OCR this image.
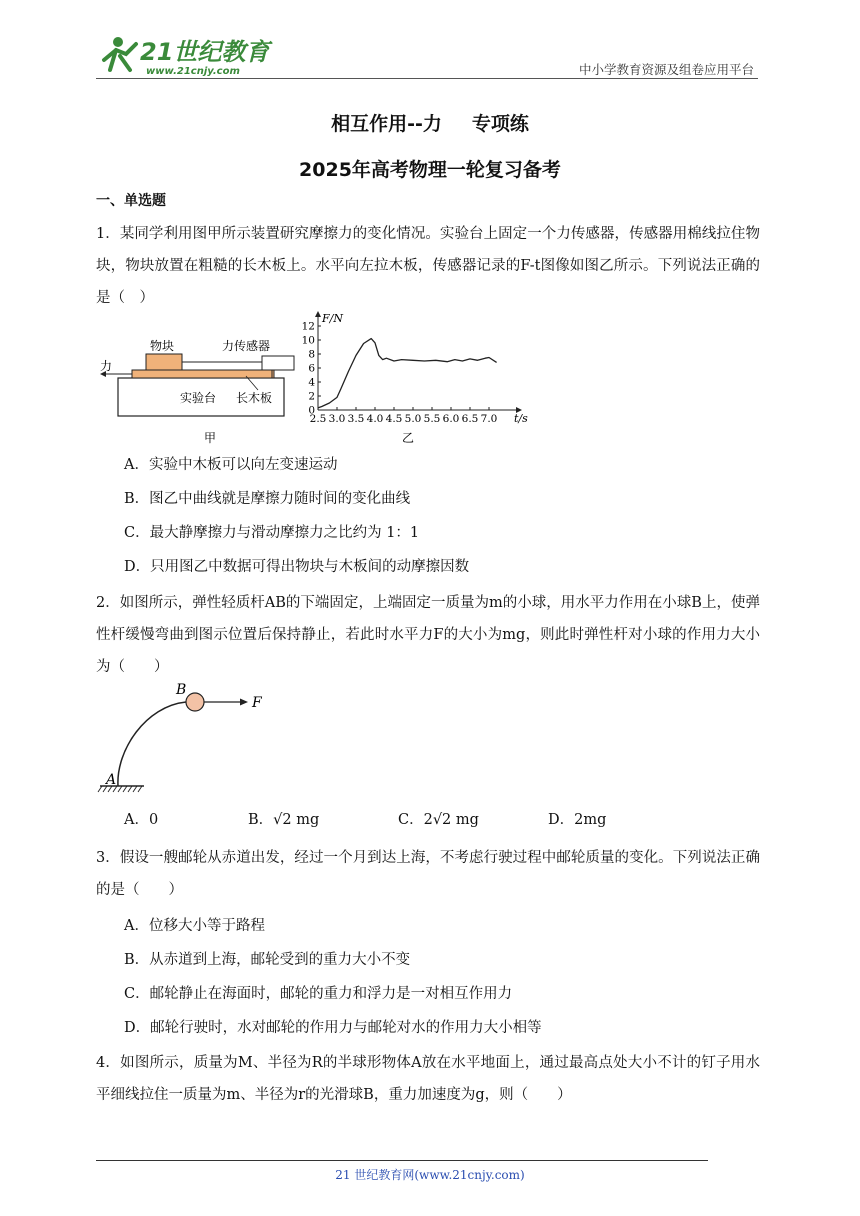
21世纪教育
www.21cnjy.com	中小学教育资源及组卷应用平台
相互作用--力 专项练
2025年高考物理一轮复习备考
一、单选题
1．某同学利用图甲所示装置研究摩擦力的变化情况。实验台上固定一个力传感器，传感器用棉线拉住物块，物块放置在粗糙的长木板上。水平向左拉木板，传感器记录的F-t图像如图乙所示。下列说法正确的是（　）
物块	力传感器
力
实验台 长木板
甲
0
2
4
6
8
10
12
2.5 3.0 3.5 4.0 4.5 5.0 5.5 6.0 6.5 7.0
F/N
t/s
乙
A．实验中木板可以向左变速运动
B．图乙中曲线就是摩擦力随时间的变化曲线
C．最大静摩擦力与滑动摩擦力之比约为 1：1
D．只用图乙中数据可得出物块与木板间的动摩擦因数
2．如图所示，弹性轻质杆AB的下端固定，上端固定一质量为m的小球，用水平力作用在小球B上，使弹性杆缓慢弯曲到图示位置后保持静止，若此时水平力F的大小为mg，则此时弹性杆对小球的作用力大小为（　　）
B
F
A
A．0	B．√2 mg	C．2√2 mg	D．2mg
3．假设一艘邮轮从赤道出发，经过一个月到达上海，不考虑行驶过程中邮轮质量的变化。下列说法正确的是（　　）
A．位移大小等于路程
B．从赤道到上海，邮轮受到的重力大小不变
C．邮轮静止在海面时，邮轮的重力和浮力是一对相互作用力
D．邮轮行驶时，水对邮轮的作用力与邮轮对水的作用力大小相等
4．如图所示，质量为M、半径为R的半球形物体A放在水平地面上，通过最高点处大小不计的钉子用水平细线拉住一质量为m、半径为r的光滑球B，重力加速度为g，则（　　）
21 世纪教育网(www.21cnjy.com)
